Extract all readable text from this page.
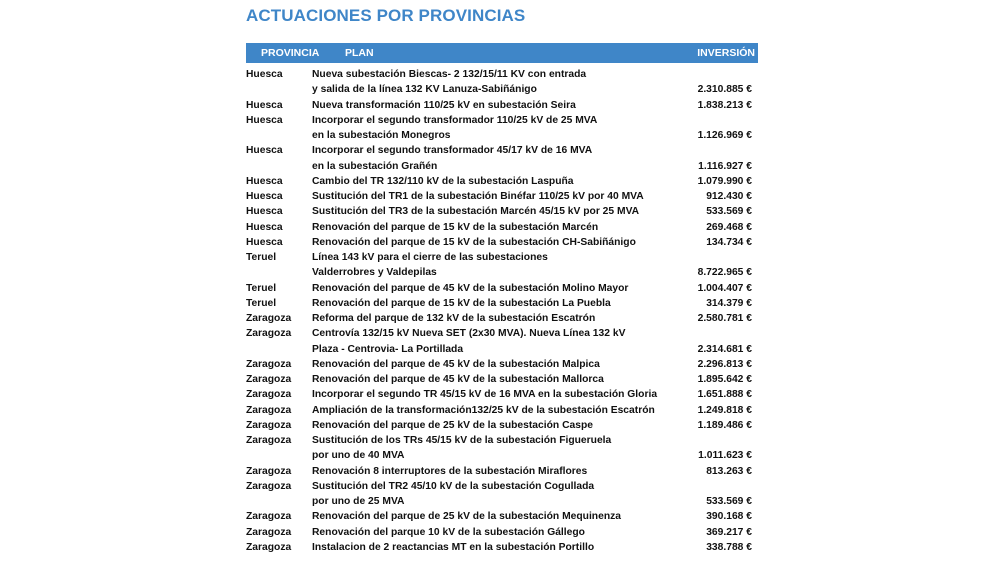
ACTUACIONES POR PROVINCIAS
PROVINCIA PLAN	INVERSIÓN
Huesca	Nueva subestación Biescas- 2 132/15/11 KV con entrada
y salida de la línea 132 KV Lanuza-Sabiñánigo	2.310.885 €
Huesca	Nueva transformación 110/25 kV en subestación Seira	1.838.213 €
Huesca	Incorporar el segundo transformador 110/25 kV de 25 MVA
en la subestación Monegros	1.126.969 €
Huesca	Incorporar el segundo transformador 45/17 kV de 16 MVA
en la subestación Grañén	1.116.927 €
Huesca	Cambio del TR 132/110 kV de la subestación Laspuña	1.079.990 €
Huesca	Sustitución del TR1 de la subestación Binéfar 110/25 kV por 40 MVA	912.430 €
Huesca	Sustitución del TR3 de la subestación Marcén 45/15 kV por 25 MVA	533.569 €
Huesca	Renovación del parque de 15 kV de la subestación Marcén	269.468 €
Huesca	Renovación del parque de 15 kV de la subestación CH-Sabiñánigo	134.734 €
Teruel	Línea 143 kV para el cierre de las subestaciones
Valderrobres y Valdepilas	8.722.965 €
Teruel	Renovación del parque de 45 kV de la subestación Molino Mayor	1.004.407 €
Teruel	Renovación del parque de 15 kV de la subestación La Puebla	314.379 €
Zaragoza Reforma del parque de 132 kV de la subestación Escatrón	2.580.781 €
Zaragoza Centrovía 132/15 kV Nueva SET (2x30 MVA). Nueva Línea 132 kV
Plaza - Centrovia- La Portillada	2.314.681 €
Zaragoza Renovación del parque de 45 kV de la subestación Malpica	2.296.813 €
Zaragoza Renovación del parque de 45 kV de la subestación Mallorca	1.895.642 €
Zaragoza Incorporar el segundo TR 45/15 kV de 16 MVA en la subestación Gloria	1.651.888 €
Zaragoza Ampliación de la transformación132/25 kV de la subestación Escatrón	1.249.818 €
Zaragoza Renovación del parque de 25 kV de la subestación Caspe	1.189.486 €
Zaragoza Sustitución de los TRs 45/15 kV de la subestación Figueruela
por uno de 40 MVA	1.011.623 €
Zaragoza Renovación 8 interruptores de la subestación Miraflores	813.263 €
Zaragoza Sustitución del TR2 45/10 kV de la subestación Cogullada
por uno de 25 MVA	533.569 €
Zaragoza Renovación del parque de 25 kV de la subestación Mequinenza	390.168 €
Zaragoza Renovación del parque 10 kV de la subestación Gállego	369.217 €
Zaragoza Instalacion de 2 reactancias MT en la subestación Portillo	338.788 €
